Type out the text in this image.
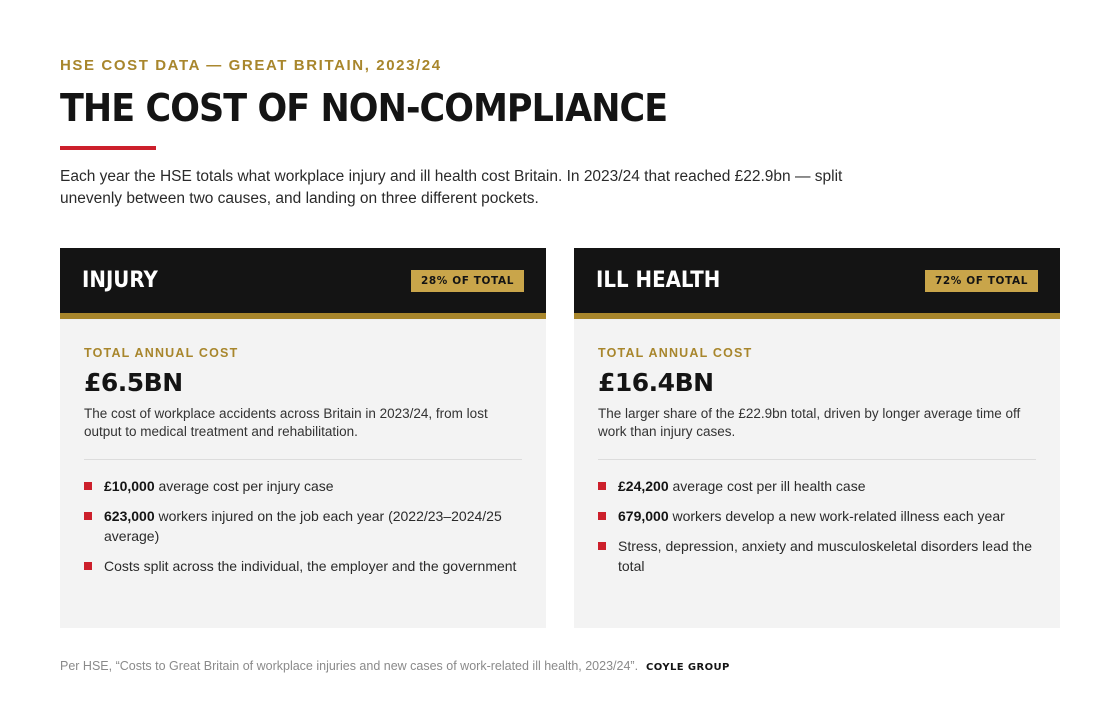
HSE COST DATA — GREAT BRITAIN, 2023/24
THE COST OF NON-COMPLIANCE

Each year the HSE totals what workplace injury and ill health cost Britain. In 2023/24 that reached £22.9bn — split unevenly between two causes, and landing on three different pockets.

INJURY	28% OF TOTAL
TOTAL ANNUAL COST
£6.5BN

The cost of workplace accidents across Britain in 2023/24, from lost output to medical treatment and rehabilitation.

£10,000 average cost per injury case
623,000 workers injured on the job each year (2022/23–2024/25 average)
Costs split across the individual, the employer and the government
ILL HEALTH	72% OF TOTAL
TOTAL ANNUAL COST
£16.4BN

The larger share of the £22.9bn total, driven by longer average time off work than injury cases.

£24,200 average cost per ill health case
679,000 workers develop a new work-related illness each year
Stress, depression, anxiety and musculoskeletal disorders lead the total
Per HSE, “Costs to Great Britain of workplace injuries and new cases of work-related ill health, 2023/24”. COYLE GROUP
